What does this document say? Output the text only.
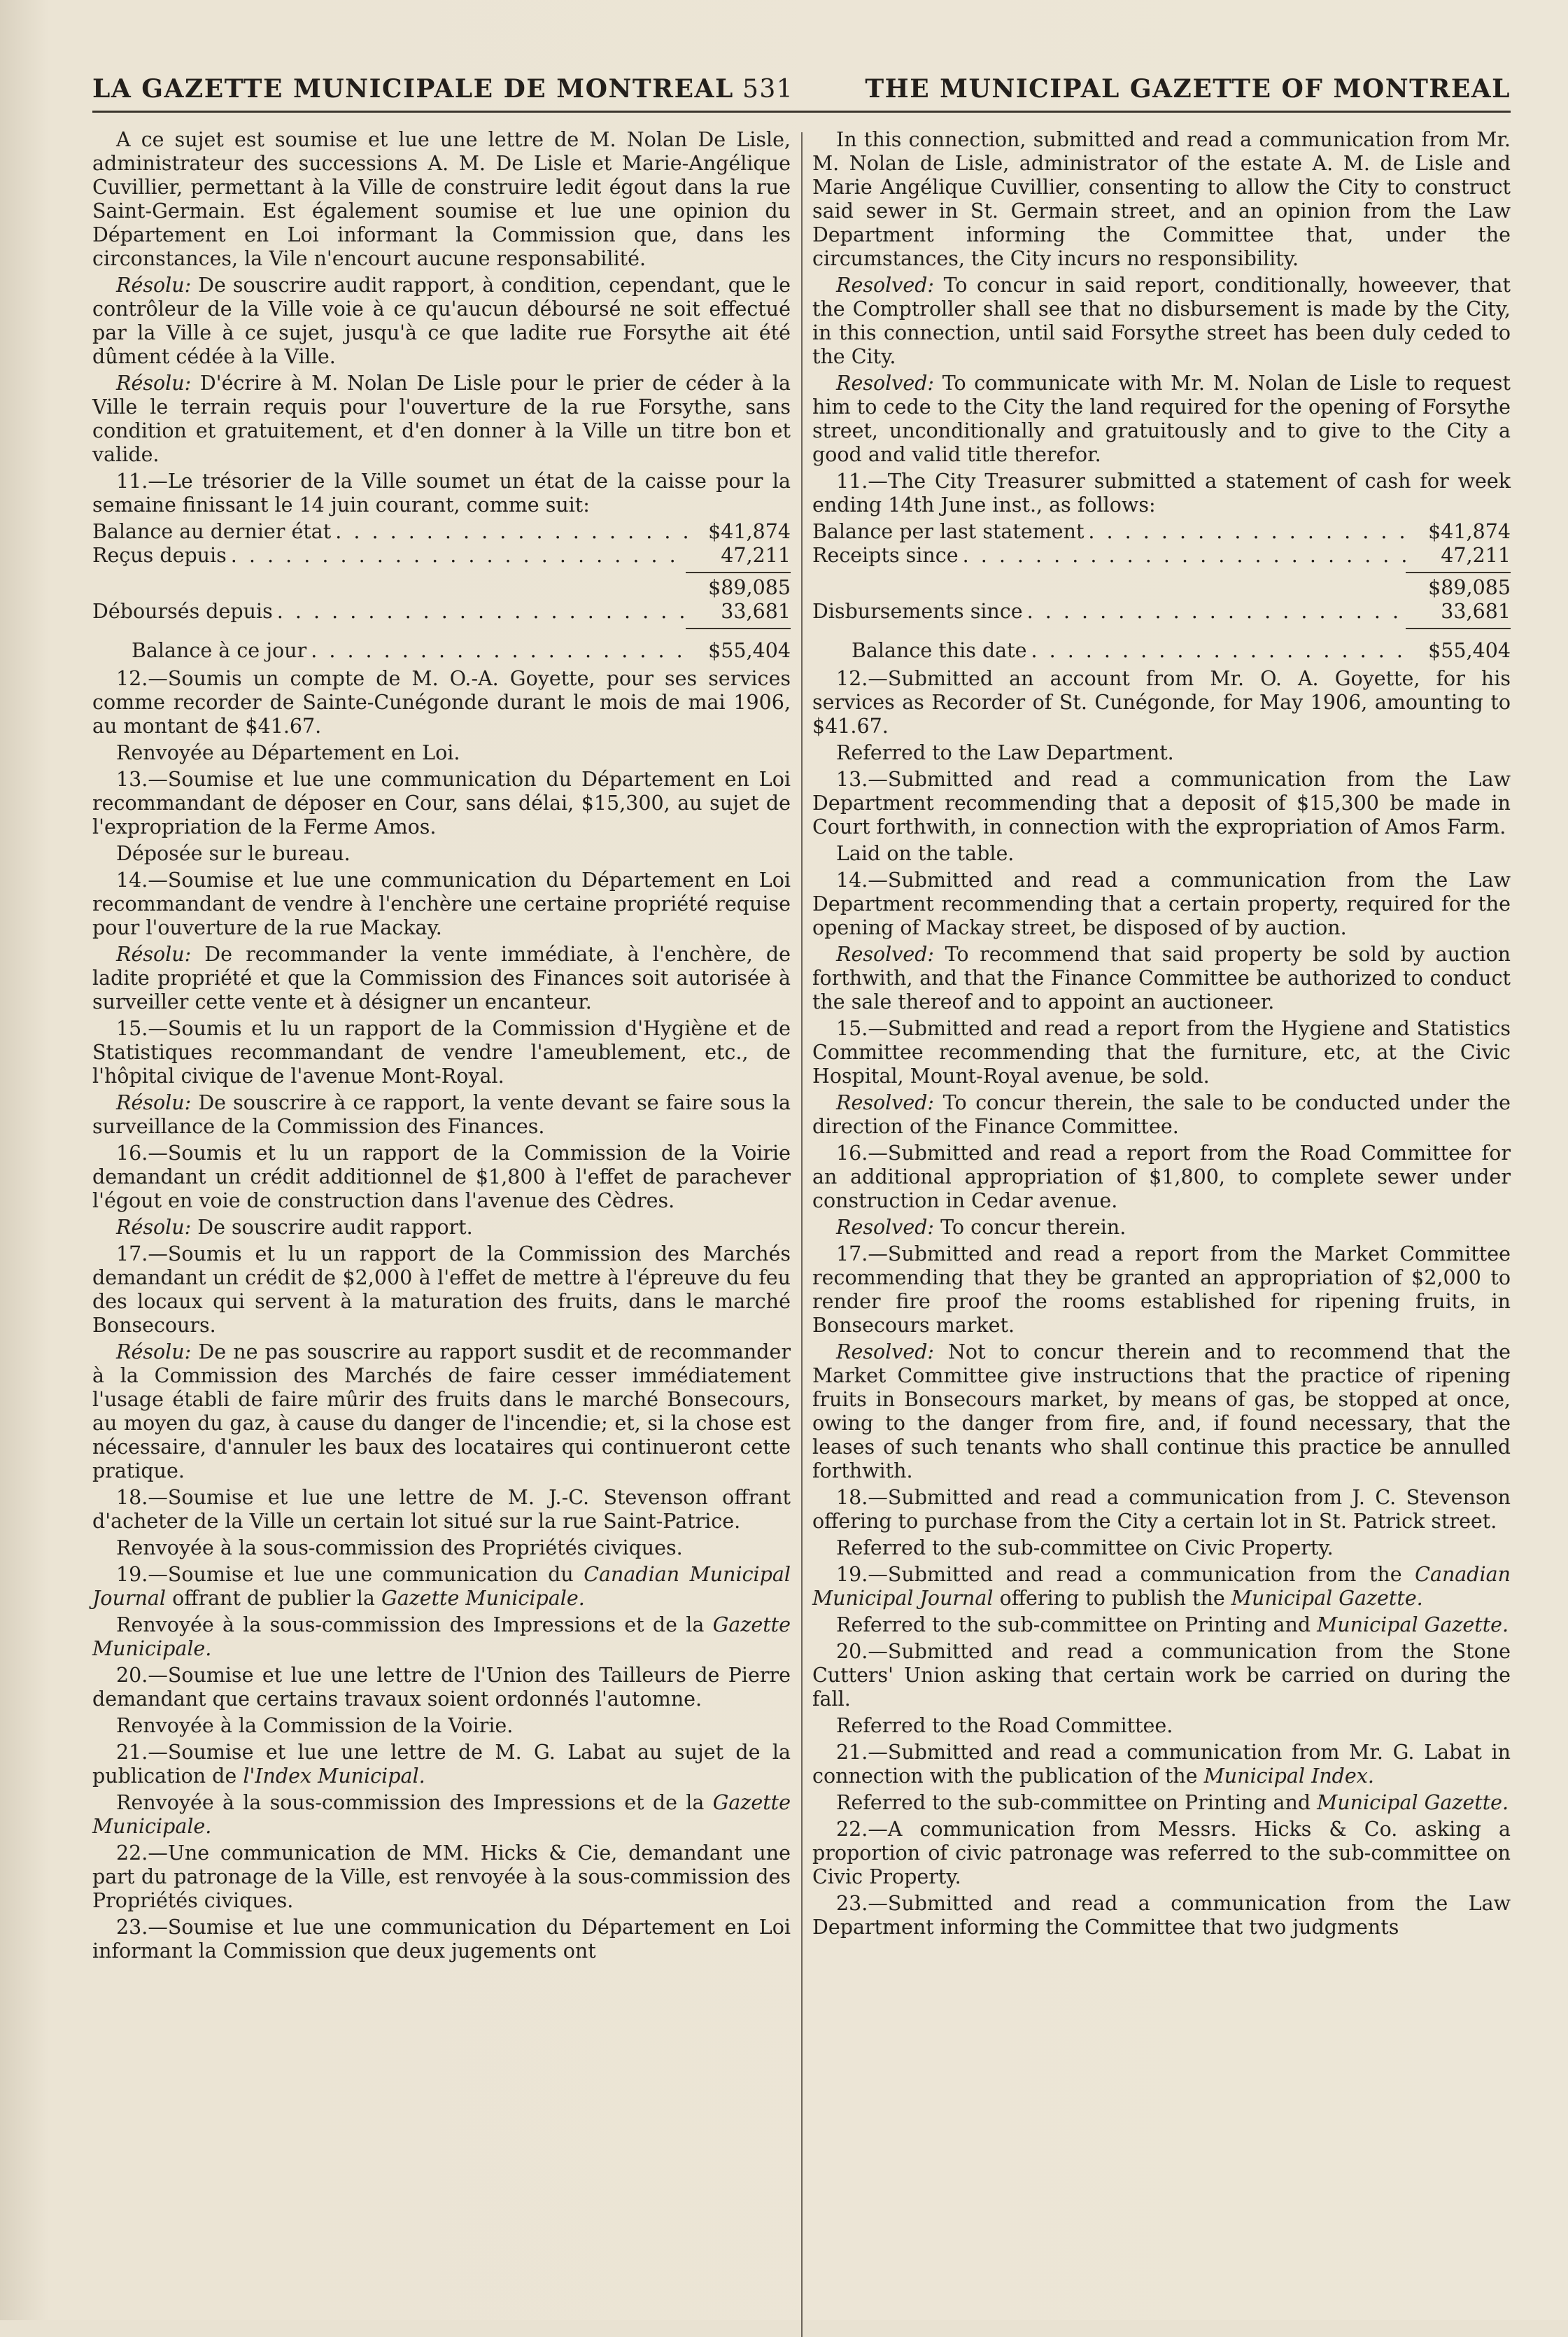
LA GAZETTE MUNICIPALE DE MONTREAL 531	THE MUNICIPAL GAZETTE OF MONTREAL

A ce sujet est soumise et lue une lettre de M. Nolan De Lisle, administrateur des successions A. M. De Lisle et Marie-Angélique Cuvillier, permettant à la Ville de construire ledit égout dans la rue Saint-Germain. Est également soumise et lue une opinion du Département en Loi informant la Commission que, dans les circonstances, la Vile n'encourt aucune responsabilité.

Résolu: De souscrire audit rapport, à condition, cependant, que le contrôleur de la Ville voie à ce qu'aucun déboursé ne soit effectué par la Ville à ce sujet, jusqu'à ce que ladite rue Forsythe ait été dûment cédée à la Ville.

Résolu: D'écrire à M. Nolan De Lisle pour le prier de céder à la Ville le terrain requis pour l'ouverture de la rue Forsythe, sans condition et gratuitement, et d'en donner à la Ville un titre bon et valide.

11.—Le trésorier de la Ville soumet un état de la caisse pour la semaine finissant le 14 juin courant, comme suit:

Balance au dernier état . . .	$41,874
Reçus depuis . . .	47,211
$89,085
Déboursés depuis . . .	33,681
Balance à ce jour . . .	$55,404

12.—Soumis un compte de M. O.-A. Goyette, pour ses services comme recorder de Sainte-Cunégonde durant le mois de mai 1906, au montant de $41.67.

Renvoyée au Département en Loi.

13.—Soumise et lue une communication du Département en Loi recommandant de déposer en Cour, sans délai, $15,300, au sujet de l'expropriation de la Ferme Amos.

Déposée sur le bureau.

14.—Soumise et lue une communication du Département en Loi recommandant de vendre à l'enchère une certaine propriété requise pour l'ouverture de la rue Mackay.

Résolu: De recommander la vente immédiate, à l'enchère, de ladite propriété et que la Commission des Finances soit autorisée à surveiller cette vente et à désigner un encanteur.

15.—Soumis et lu un rapport de la Commission d'Hygiène et de Statistiques recommandant de vendre l'ameublement, etc., de l'hôpital civique de l'avenue Mont-Royal.

Résolu: De souscrire à ce rapport, la vente devant se faire sous la surveillance de la Commission des Finances.

16.—Soumis et lu un rapport de la Commission de la Voirie demandant un crédit additionnel de $1,800 à l'effet de parachever l'égout en voie de construction dans l'avenue des Cèdres.

Résolu: De souscrire audit rapport.

17.—Soumis et lu un rapport de la Commission des Marchés demandant un crédit de $2,000 à l'effet de mettre à l'épreuve du feu des locaux qui servent à la maturation des fruits, dans le marché Bonsecours.

Résolu: De ne pas souscrire au rapport susdit et de recommander à la Commission des Marchés de faire cesser immédiatement l'usage établi de faire mûrir des fruits dans le marché Bonsecours, au moyen du gaz, à cause du danger de l'incendie; et, si la chose est nécessaire, d'annuler les baux des locataires qui continueront cette pratique.

18.—Soumise et lue une lettre de M. J.-C. Stevenson offrant d'acheter de la Ville un certain lot situé sur la rue Saint-Patrice.

Renvoyée à la sous-commission des Propriétés civiques.

19.—Soumise et lue une communication du Canadian Municipal Journal offrant de publier la Gazette Municipale.

Renvoyée à la sous-commission des Impressions et de la Gazette Municipale.

20.—Soumise et lue une lettre de l'Union des Tailleurs de Pierre demandant que certains travaux soient ordonnés l'automne.

Renvoyée à la Commission de la Voirie.

21.—Soumise et lue une lettre de M. G. Labat au sujet de la publication de l'Index Municipal.

Renvoyée à la sous-commission des Impressions et de la Gazette Municipale.

22.—Une communication de MM. Hicks & Cie, demandant une part du patronage de la Ville, est renvoyée à la sous-commission des Propriétés civiques.

23.—Soumise et lue une communication du Département en Loi informant la Commission que deux jugements ont

In this connection, submitted and read a communication from Mr. M. Nolan de Lisle, administrator of the estate A. M. de Lisle and Marie Angélique Cuvillier, consenting to allow the City to construct said sewer in St. Germain street, and an opinion from the Law Department informing the Committee that, under the circumstances, the City incurs no responsibility.

Resolved: To concur in said report, conditionally, howeever, that the Comptroller shall see that no disbursement is made by the City, in this connection, until said Forsythe street has been duly ceded to the City.

Resolved: To communicate with Mr. M. Nolan de Lisle to request him to cede to the City the land required for the opening of Forsythe street, unconditionally and gratuitously and to give to the City a good and valid title therefor.

11.—The City Treasurer submitted a statement of cash for week ending 14th June inst., as follows:

Balance per last statement . . .	$41,874
Receipts since . . .	47,211
$89,085
Disbursements since . . .	33,681
Balance this date . . .	$55,404

12.—Submitted an account from Mr. O. A. Goyette, for his services as Recorder of St. Cunégonde, for May 1906, amounting to $41.67.

Referred to the Law Department.

13.—Submitted and read a communication from the Law Department recommending that a deposit of $15,300 be made in Court forthwith, in connection with the expropriation of Amos Farm.

Laid on the table.

14.—Submitted and read a communication from the Law Department recommending that a certain property, required for the opening of Mackay street, be disposed of by auction.

Resolved: To recommend that said property be sold by auction forthwith, and that the Finance Committee be authorized to conduct the sale thereof and to appoint an auctioneer.

15.—Submitted and read a report from the Hygiene and Statistics Committee recommending that the furniture, etc, at the Civic Hospital, Mount-Royal avenue, be sold.

Resolved: To concur therein, the sale to be conducted under the direction of the Finance Committee.

16.—Submitted and read a report from the Road Committee for an additional appropriation of $1,800, to complete sewer under construction in Cedar avenue.

Resolved: To concur therein.

17.—Submitted and read a report from the Market Committee recommending that they be granted an appropriation of $2,000 to render fire proof the rooms established for ripening fruits, in Bonsecours market.

Resolved: Not to concur therein and to recommend that the Market Committee give instructions that the practice of ripening fruits in Bonsecours market, by means of gas, be stopped at once, owing to the danger from fire, and, if found necessary, that the leases of such tenants who shall continue this practice be annulled forthwith.

18.—Submitted and read a communication from J. C. Stevenson offering to purchase from the City a certain lot in St. Patrick street.

Referred to the sub-committee on Civic Property.

19.—Submitted and read a communication from the Canadian Municipal Journal offering to publish the Municipal Gazette.

Referred to the sub-committee on Printing and Municipal Gazette.

20.—Submitted and read a communication from the Stone Cutters' Union asking that certain work be carried on during the fall.

Referred to the Road Committee.

21.—Submitted and read a communication from Mr. G. Labat in connection with the publication of the Municipal Index.

Referred to the sub-committee on Printing and Municipal Gazette.

22.—A communication from Messrs. Hicks & Co. asking a proportion of civic patronage was referred to the sub-committee on Civic Property.

23.—Submitted and read a communication from the Law Department informing the Committee that two judgments
